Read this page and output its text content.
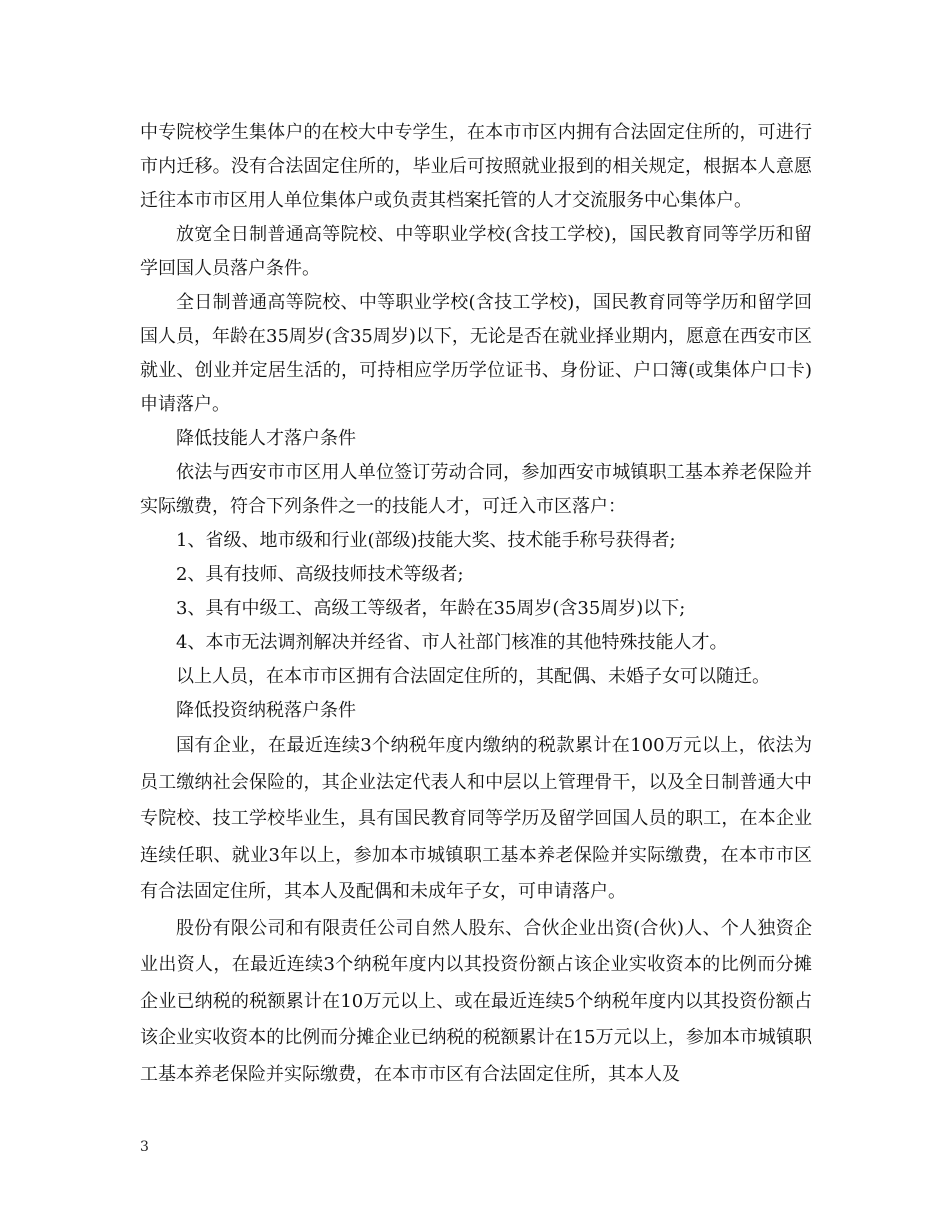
中专院校学生集体户的在校大中专学生，在本市市区内拥有合法固定住所的，可进行市内迁移。没有合法固定住所的，毕业后可按照就业报到的相关规定，根据本人意愿迁往本市市区用人单位集体户或负责其档案托管的人才交流服务中心集体户。

放宽全日制普通高等院校、中等职业学校(含技工学校)，国民教育同等学历和留学回国人员落户条件。

全日制普通高等院校、中等职业学校(含技工学校)，国民教育同等学历和留学回国人员，年龄在35周岁(含35周岁)以下，无论是否在就业择业期内，愿意在西安市区就业、创业并定居生活的，可持相应学历学位证书、身份证、户口簿(或集体户口卡)申请落户。

降低技能人才落户条件

依法与西安市市区用人单位签订劳动合同，参加西安市城镇职工基本养老保险并实际缴费，符合下列条件之一的技能人才，可迁入市区落户：

1、省级、地市级和行业(部级)技能大奖、技术能手称号获得者;

2、具有技师、高级技师技术等级者;

3、具有中级工、高级工等级者，年龄在35周岁(含35周岁)以下;

4、本市无法调剂解决并经省、市人社部门核准的其他特殊技能人才。

以上人员，在本市市区拥有合法固定住所的，其配偶、未婚子女可以随迁。

降低投资纳税落户条件

国有企业，在最近连续3个纳税年度内缴纳的税款累计在100万元以上，依法为员工缴纳社会保险的，其企业法定代表人和中层以上管理骨干，以及全日制普通大中专院校、技工学校毕业生，具有国民教育同等学历及留学回国人员的职工，在本企业连续任职、就业3年以上，参加本市城镇职工基本养老保险并实际缴费，在本市市区有合法固定住所，其本人及配偶和未成年子女，可申请落户。

股份有限公司和有限责任公司自然人股东、合伙企业出资(合伙)人、个人独资企业出资人，在最近连续3个纳税年度内以其投资份额占该企业实收资本的比例而分摊企业已纳税的税额累计在10万元以上、或在最近连续5个纳税年度内以其投资份额占该企业实收资本的比例而分摊企业已纳税的税额累计在15万元以上，参加本市城镇职工基本养老保险并实际缴费，在本市市区有合法固定住所，其本人及

3
